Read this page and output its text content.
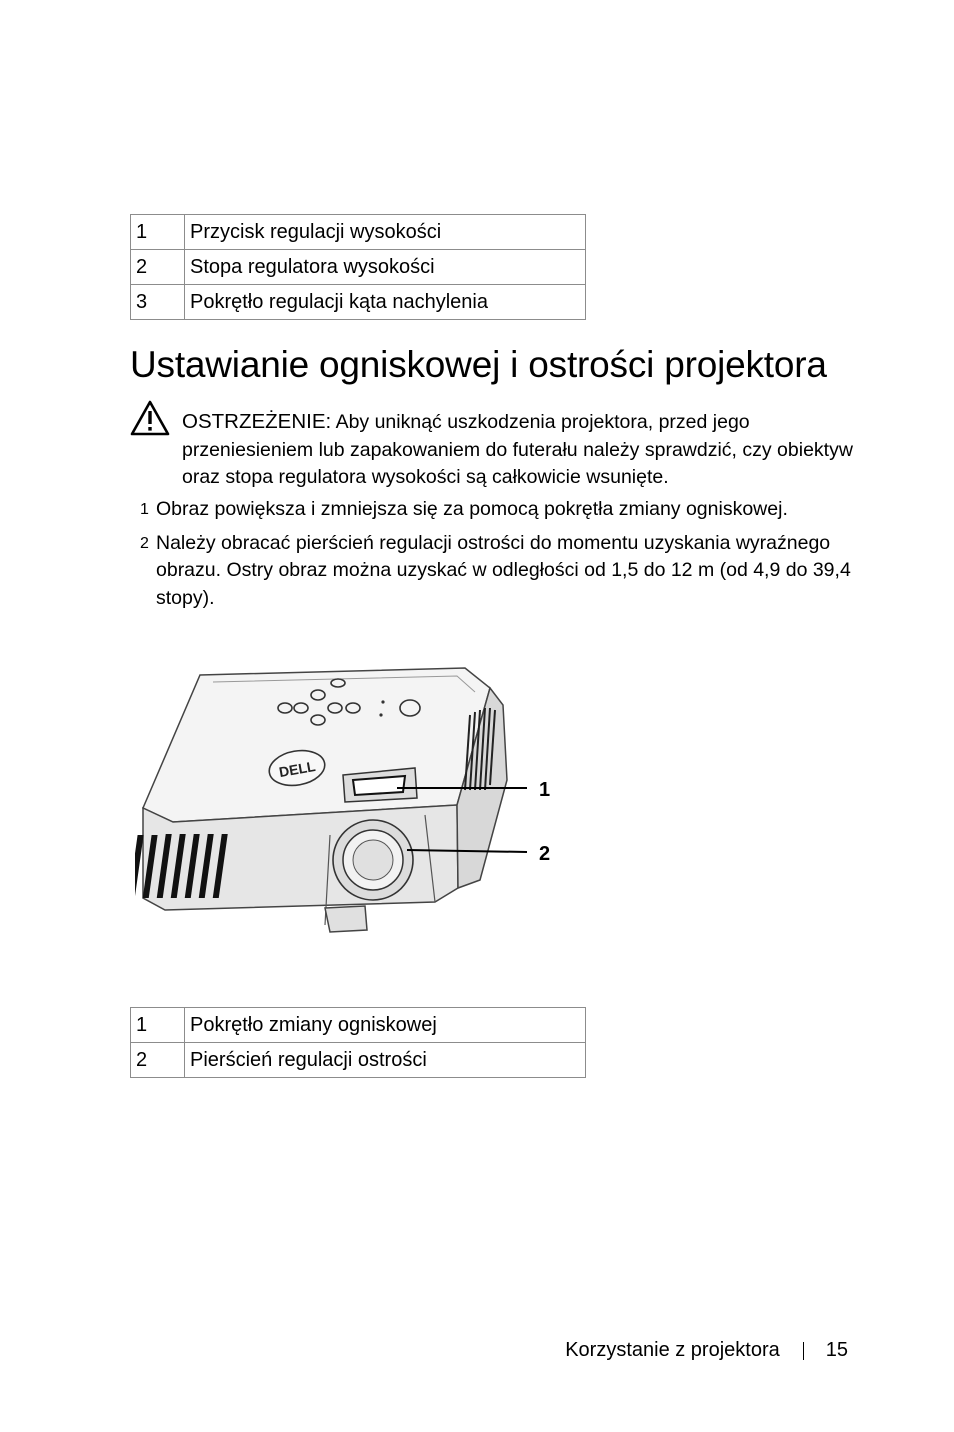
1	Przycisk regulacji wysokości
2	Stopa regulatora wysokości
3	Pokrętło regulacji kąta nachylenia
Ustawianie ogniskowej i ostrości projektora
OSTRZEŻENIE: Aby uniknąć uszkodzenia projektora, przed jego przeniesieniem lub zapakowaniem do futerału należy sprawdzić, czy obiektyw oraz stopa regulatora wysokości są całkowicie wsunięte.
1 Obraz powiększa i zmniejsza się za pomocą pokrętła zmiany ogniskowej.
2 Należy obracać pierścień regulacji ostrości do momentu uzyskania wyraźnego obrazu. Ostry obraz można uzyskać w odległości od 1,5 do 12 m (od 4,9 do 39,4 stopy).
DELL
1
2
1	Pokrętło zmiany ogniskowej
2	Pierścień regulacji ostrości
Korzystanie z projektora 15
